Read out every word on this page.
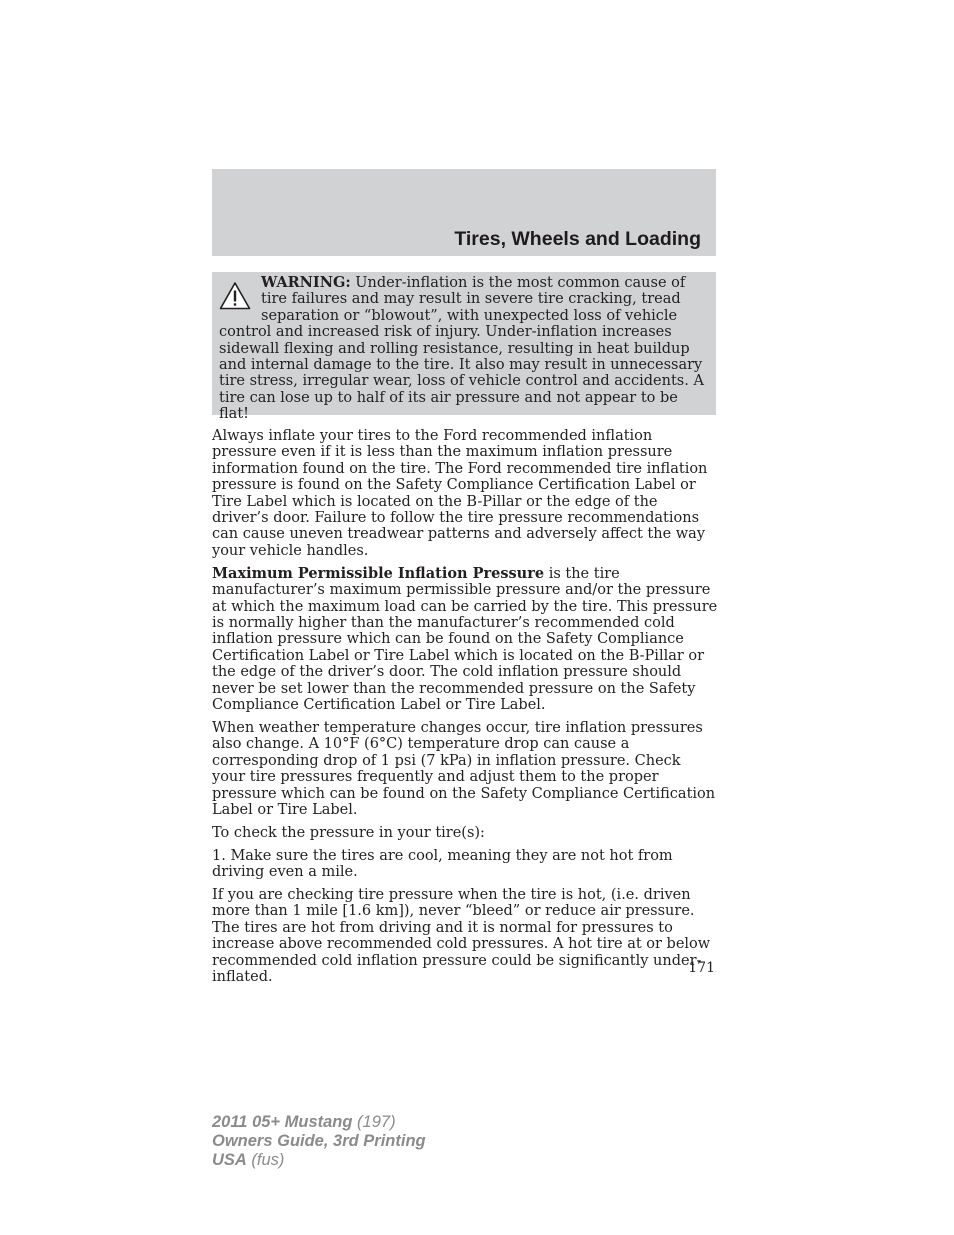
Tires, Wheels and Loading

WARNING: Under-inflation is the most common cause of tire failures and may result in severe tire cracking, tread separation or “blowout”, with unexpected loss of vehicle control and increased risk of injury. Under-inflation increases sidewall flexing and rolling resistance, resulting in heat buildup and internal damage to the tire. It also may result in unnecessary tire stress, irregular wear, loss of vehicle control and accidents. A tire can lose up to half of its air pressure and not appear to be flat!

Always inflate your tires to the Ford recommended inflation pressure even if it is less than the maximum inflation pressure information found on the tire. The Ford recommended tire inflation pressure is found on the Safety Compliance Certification Label or Tire Label which is located on the B-Pillar or the edge of the driver’s door. Failure to follow the tire pressure recommendations can cause uneven treadwear patterns and adversely affect the way your vehicle handles.

Maximum Permissible Inflation Pressure is the tire manufacturer’s maximum permissible pressure and/or the pressure at which the maximum load can be carried by the tire. This pressure is normally higher than the manufacturer’s recommended cold inflation pressure which can be found on the Safety Compliance Certification Label or Tire Label which is located on the B-Pillar or the edge of the driver’s door. The cold inflation pressure should never be set lower than the recommended pressure on the Safety Compliance Certification Label or Tire Label.

When weather temperature changes occur, tire inflation pressures also change. A 10°F (6°C) temperature drop can cause a corresponding drop of 1 psi (7 kPa) in inflation pressure. Check your tire pressures frequently and adjust them to the proper pressure which can be found on the Safety Compliance Certification Label or Tire Label.

To check the pressure in your tire(s):

1. Make sure the tires are cool, meaning they are not hot from driving even a mile.

If you are checking tire pressure when the tire is hot, (i.e. driven more than 1 mile [1.6 km]), never “bleed” or reduce air pressure. The tires are hot from driving and it is normal for pressures to increase above recommended cold pressures. A hot tire at or below recommended cold inflation pressure could be significantly under-inflated.

171
2011 05+ Mustang (197)
Owners Guide, 3rd Printing
USA (fus)
